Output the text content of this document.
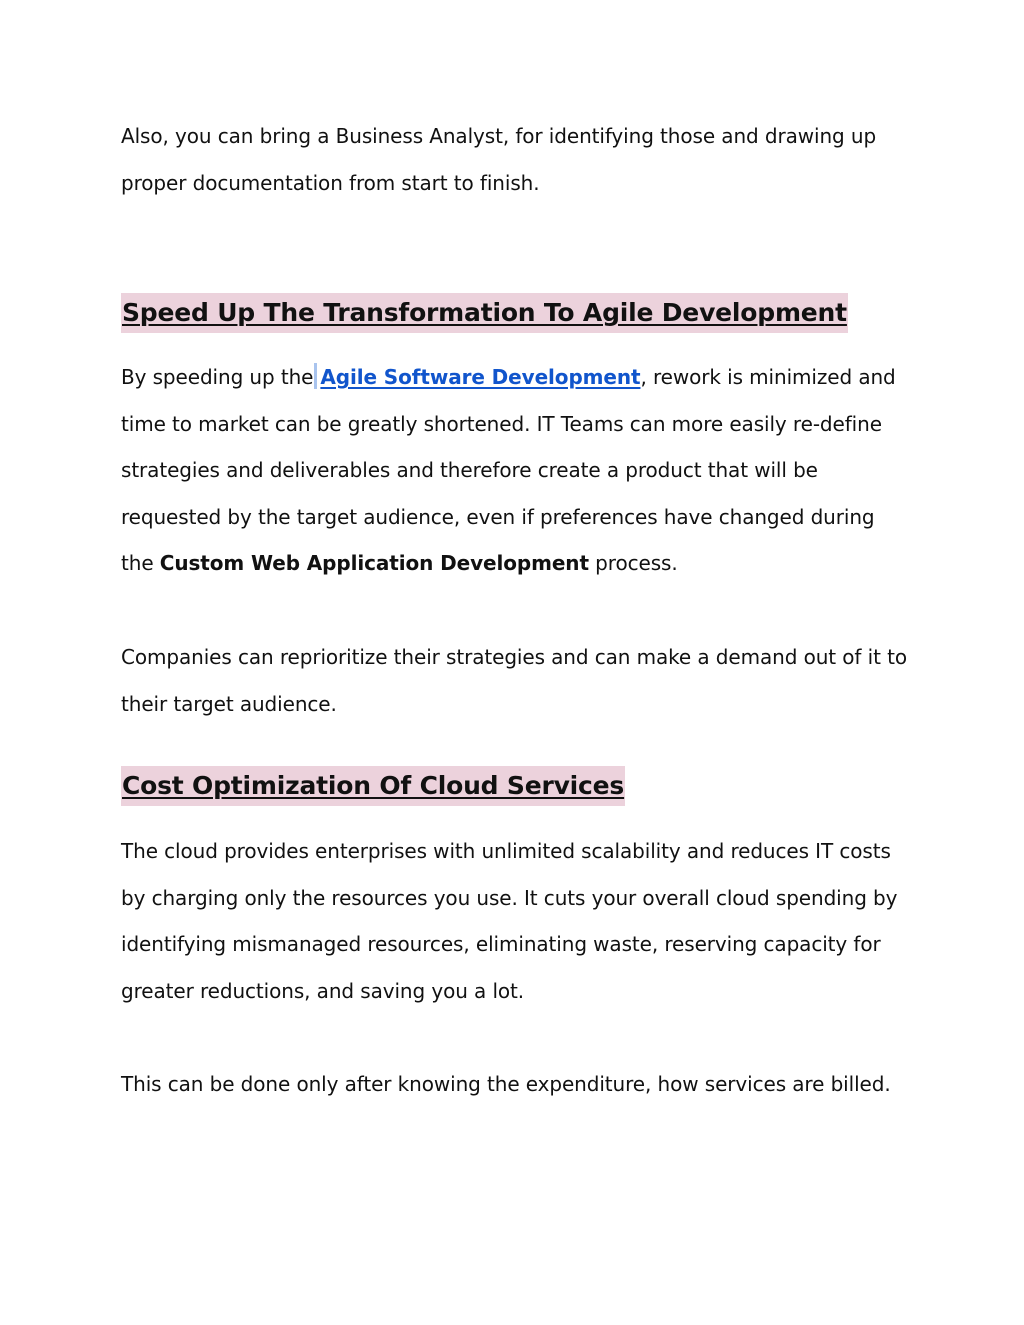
Also, you can bring a Business Analyst, for identifying those and drawing up proper documentation from start to finish.

Speed Up The Transformation To Agile Development

By speeding up the Agile Software Development, rework is minimized and time to market can be greatly shortened. IT Teams can more easily re-define strategies and deliverables and therefore create a product that will be requested by the target audience, even if preferences have changed during the Custom Web Application Development process.

Companies can reprioritize their strategies and can make a demand out of it to their target audience.

Cost Optimization Of Cloud Services

The cloud provides enterprises with unlimited scalability and reduces IT costs by charging only the resources you use. It cuts your overall cloud spending by identifying mismanaged resources, eliminating waste, reserving capacity for greater reductions, and saving you a lot.

This can be done only after knowing the expenditure, how services are billed.
